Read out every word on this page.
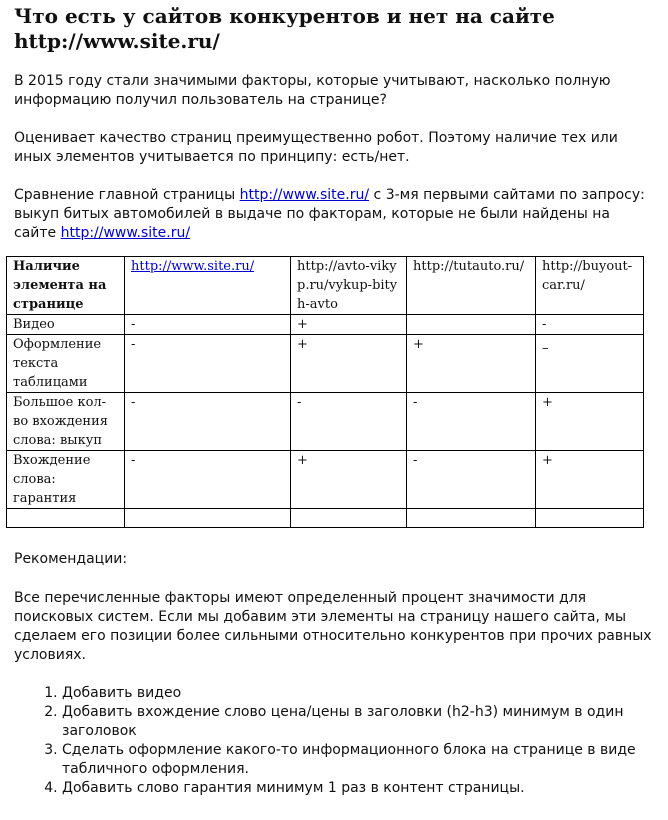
Что есть у сайтов конкурентов и нет на сайте http://www.site.ru/

В 2015 году стали значимыми факторы, которые учитывают, насколько полную информацию получил пользователь на странице?

Оценивает качество страниц преимущественно робот. Поэтому наличие тех или иных элементов учитывается по принципу: есть/нет.

Сравнение главной страницы http://www.site.ru/ с 3-мя первыми сайтами по запросу: выкуп битых автомобилей в выдаче по факторам, которые не были найдены на сайте http://www.site.ru/

Наличие элемента на странице	http://www.site.ru/	http://avto-vikyp.ru/vykup-bityh-avto	http://tutauto.ru/	http://buyout-car.ru/
Видео	-	+		-
Оформление текста таблицами	-	+	+	–
Большое кол-во вхождения слова: выкуп	-	-	-	+
Вхождение слова: гарантия	-	+	-	+

Рекомендации:

Все перечисленные факторы имеют определенный процент значимости для поисковых систем. Если мы добавим эти элементы на страницу нашего сайта, мы сделаем его позиции более сильными относительно конкурентов при прочих равных условиях.

1. Добавить видео
2. Добавить вхождение слово цена/цены в заголовки (h2-h3) минимум в один заголовок
3. Сделать оформление какого-то информационного блока на странице в виде табличного оформления.
4. Добавить слово гарантия минимум 1 раз в контент страницы.
